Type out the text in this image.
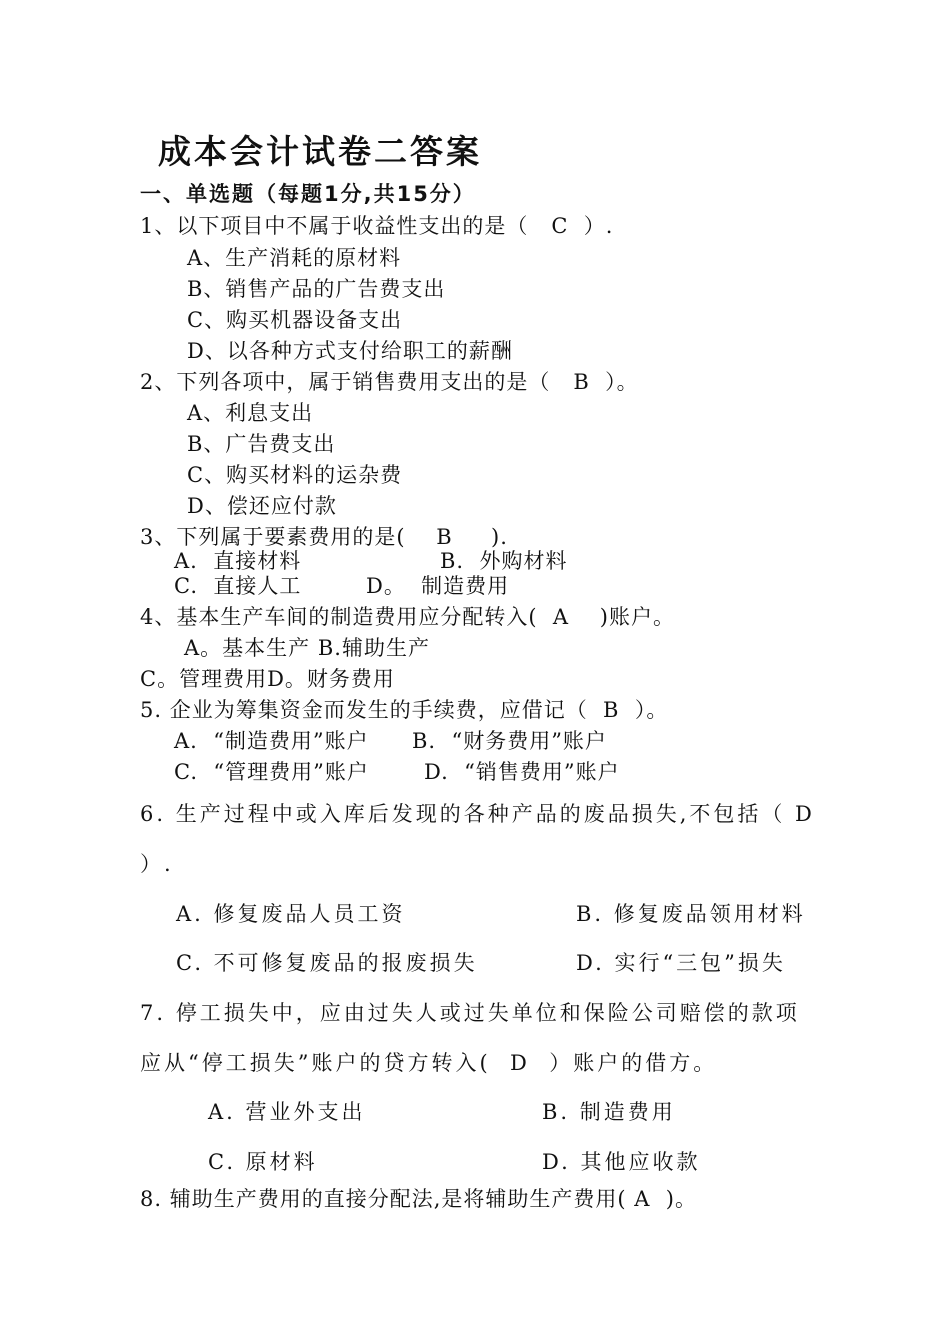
成本会计试卷二答案
一、单选题（每题1分,共15分）
1、以下项目中不属于收益性支出的是（   C  ）.
A、生产消耗的原材料
B、销售产品的广告费支出
C、购买机器设备支出
D、以各种方式支付给职工的薪酬
2、下列各项中，属于销售费用支出的是（   B  ）。
A、利息支出
B、广告费支出
C、购买材料的运杂费
D、偿还应付款
3、下列属于要素费用的是(    B     ).
A.  直接材料	B.  外购材料
C.  直接人工	D。  制造费用
4、基本生产车间的制造费用应分配转入(  A    )账户。
A。基本生产 B.辅助生产
C。管理费用D。财务费用
5. 企业为筹集资金而发生的手续费，应借记（  B  ）。
A.  “制造费用”账户 B.  “财务费用”账户
C.  “管理费用”账户	D.  “销售费用”账户
6. 生产过程中或入库后发现的各种产品的废品损失,不包括（ D
）.
A. 修复废品人员工资	B. 修复废品领用材料
C. 不可修复废品的报废损失	D. 实行“三包”损失
7. 停工损失中，应由过失人或过失单位和保险公司赔偿的款项
应从“停工损失”账户的贷方转入(  D  ）账户的借方。
A. 营业外支出	B. 制造费用
C. 原材料	D. 其他应收款
8. 辅助生产费用的直接分配法,是将辅助生产费用( A  )。
